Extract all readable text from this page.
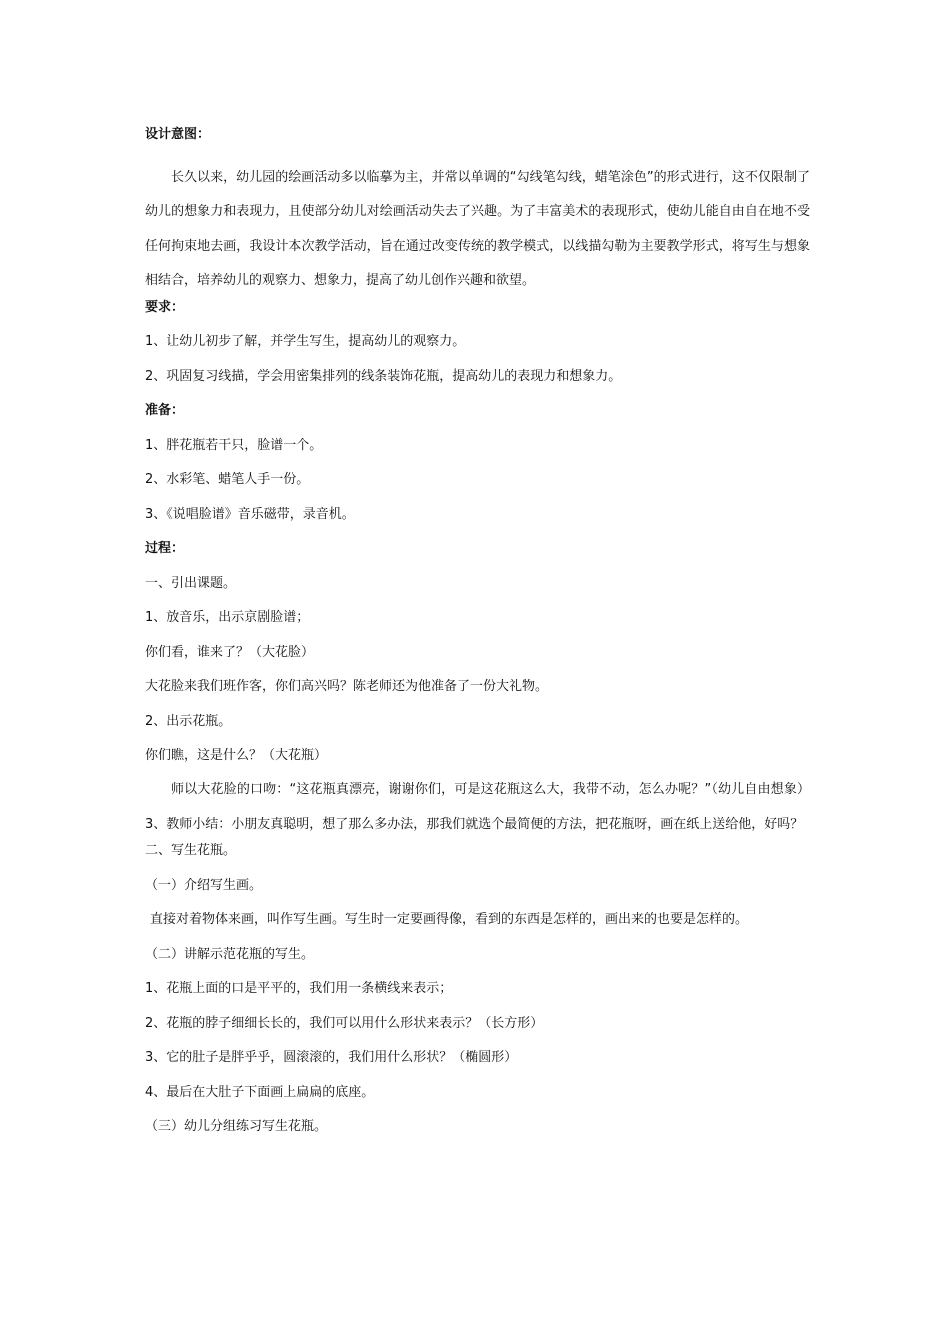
设计意图：

长久以来，幼儿园的绘画活动多以临摹为主，并常以单调的“勾线笔勾线，蜡笔涂色”的形式进行，这不仅限制了幼儿的想象力和表现力，且使部分幼儿对绘画活动失去了兴趣。为了丰富美术的表现形式，使幼儿能自由自在地不受任何拘束地去画，我设计本次教学活动，旨在通过改变传统的教学模式，以线描勾勒为主要教学形式，将写生与想象相结合，培养幼儿的观察力、想象力，提高了幼儿创作兴趣和欲望。

要求：

1、让幼儿初步了解，并学生写生，提高幼儿的观察力。

2、巩固复习线描，学会用密集排列的线条装饰花瓶，提高幼儿的表现力和想象力。

准备：

1、胖花瓶若干只，脸谱一个。

2、水彩笔、蜡笔人手一份。

3、《说唱脸谱》音乐磁带，录音机。

过程：

一、引出课题。

1、放音乐，出示京剧脸谱；

你们看，谁来了？（大花脸）

大花脸来我们班作客，你们高兴吗？陈老师还为他准备了一份大礼物。

2、出示花瓶。

你们瞧，这是什么？（大花瓶）

师以大花脸的口吻：“这花瓶真漂亮，谢谢你们，可是这花瓶这么大，我带不动，怎么办呢？”（幼儿自由想象）3、教师小结：小朋友真聪明，想了那么多办法，那我们就选个最简便的方法，把花瓶呀，画在纸上送给他，好吗？

二、写生花瓶。

（一）介绍写生画。

直接对着物体来画，叫作写生画。写生时一定要画得像，看到的东西是怎样的，画出来的也要是怎样的。

（二）讲解示范花瓶的写生。

1、花瓶上面的口是平平的，我们用一条横线来表示；

2、花瓶的脖子细细长长的，我们可以用什么形状来表示？（长方形）

3、它的肚子是胖乎乎，圆滚滚的，我们用什么形状？（椭圆形）

4、最后在大肚子下面画上扁扁的底座。

（三）幼儿分组练习写生花瓶。
